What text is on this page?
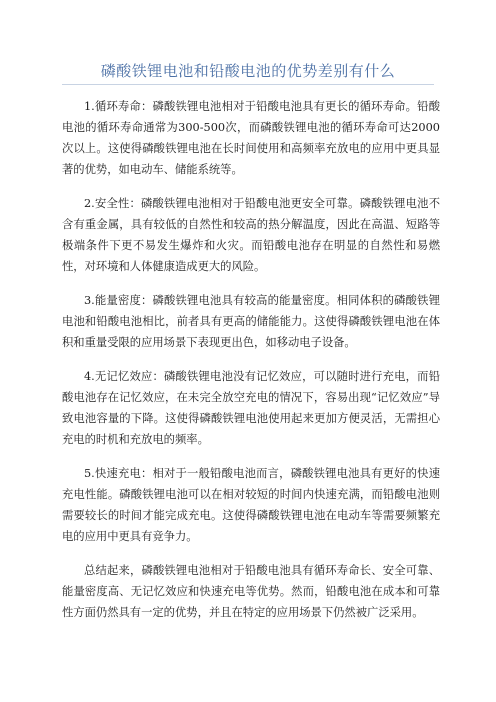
磷酸铁锂电池和铅酸电池的优势差别有什么

1.循环寿命：磷酸铁锂电池相对于铅酸电池具有更长的循环寿命。铅酸电池的循环寿命通常为300-500次，而磷酸铁锂电池的循环寿命可达2000次以上。这使得磷酸铁锂电池在长时间使用和高频率充放电的应用中更具显著的优势，如电动车、储能系统等。

2.安全性：磷酸铁锂电池相对于铅酸电池更安全可靠。磷酸铁锂电池不含有重金属，具有较低的自然性和较高的热分解温度，因此在高温、短路等极端条件下更不易发生爆炸和火灾。而铅酸电池存在明显的自然性和易燃性，对环境和人体健康造成更大的风险。

3.能量密度：磷酸铁锂电池具有较高的能量密度。相同体积的磷酸铁锂电池和铅酸电池相比，前者具有更高的储能能力。这使得磷酸铁锂电池在体积和重量受限的应用场景下表现更出色，如移动电子设备。

4.无记忆效应：磷酸铁锂电池没有记忆效应，可以随时进行充电，而铅酸电池存在记忆效应，在未完全放空充电的情况下，容易出现“记忆效应”导致电池容量的下降。这使得磷酸铁锂电池使用起来更加方便灵活，无需担心充电的时机和充放电的频率。

5.快速充电：相对于一般铅酸电池而言，磷酸铁锂电池具有更好的快速充电性能。磷酸铁锂电池可以在相对较短的时间内快速充满，而铅酸电池则需要较长的时间才能完成充电。这使得磷酸铁锂电池在电动车等需要频繁充电的应用中更具有竞争力。

总结起来，磷酸铁锂电池相对于铅酸电池具有循环寿命长、安全可靠、能量密度高、无记忆效应和快速充电等优势。然而，铅酸电池在成本和可靠性方面仍然具有一定的优势，并且在特定的应用场景下仍然被广泛采用。
